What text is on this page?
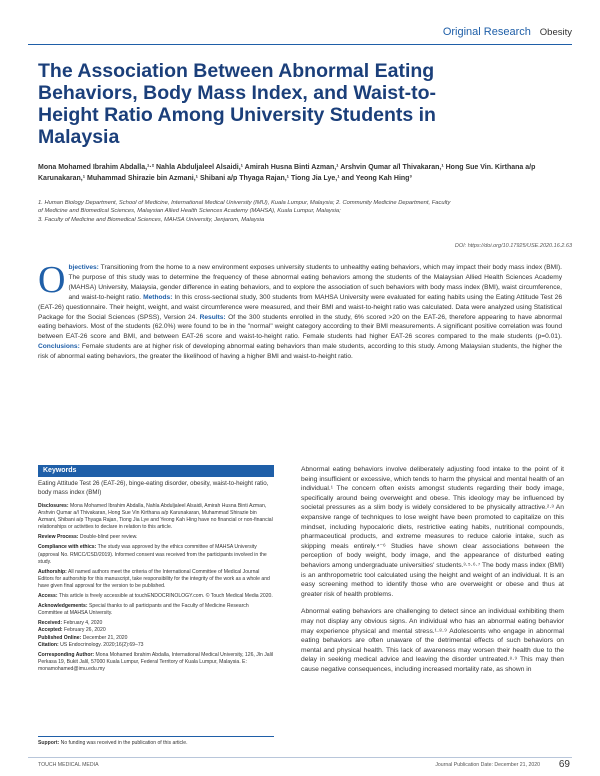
Original Research Obesity
The Association Between Abnormal Eating Behaviors, Body Mass Index, and Waist-to-Height Ratio Among University Students in Malaysia
Mona Mohamed Ibrahim Abdalla,¹·² Nahla Abduljaleel Alsaidi,¹ Amirah Husna Binti Azman,¹ Arshvin Qumar a/l Thivakaran,¹ Hong Sue Vin. Kirthana a/p Karunakaran,¹ Muhammad Shirazie bin Azmani,¹ Shibani a/p Thyaga Rajan,¹ Tiong Jia Lye,¹ and Yeong Kah Hing³
1. Human Biology Department, School of Medicine, International Medical University (IMU), Kuala Lumpur, Malaysia; 2. Community Medicine Department, Faculty
of Medicine and Biomedical Sciences, Malaysian Allied Health Sciences Academy (MAHSA), Kuala Lumpur, Malaysia;
3. Faculty of Medicine and Biomedical Sciences, MAHSA University, Jenjarom, Malaysia
DOI: https://doi.org/10.17925/USE.2020.16.2.63
Objectives: Transitioning from the home to a new environment exposes university students to unhealthy eating behaviors, which may impact their body mass index (BMI). The purpose of this study was to determine the frequency of these abnormal eating behaviors among the students of the Malaysian Allied Health Sciences Academy (MAHSA) University, Malaysia, gender difference in eating behaviors, and to explore the association of such behaviors with body mass index (BMI), waist circumference, and waist-to-height ratio. Methods: In this cross-sectional study, 300 students from MAHSA University were evaluated for eating habits using the Eating Attitude Test 26 (EAT-26) questionnaire. Their height, weight, and waist circumference were measured, and their BMI and waist-to-height ratio was calculated. Data were analyzed using Statistical Package for the Social Sciences (SPSS), Version 24. Results: Of the 300 students enrolled in the study, 6% scored >20 on the EAT-26, therefore appearing to have abnormal eating behaviors. Most of the students (62.0%) were found to be in the "normal" weight category according to their BMI measurements. A significant positive correlation was found between EAT-26 score and BMI, and between EAT-26 score and waist-to-height ratio. Female students had higher EAT-26 scores compared to the male students (p=0.01). Conclusions: Female students are at higher risk of developing abnormal eating behaviors than male students, according to this study. Among Malaysian students, the higher the risk of abnormal eating behaviors, the greater the likelihood of having a higher BMI and waist-to-height ratio.
Keywords
Eating Attitude Test 26 (EAT-26), binge-eating disorder, obesity, waist-to-height ratio, body mass index (BMI)

Disclosures: Mona Mohamed Ibrahim Abdalla, Nahla Abduljaleel Alsaidi, Amirah Husna Binti Azman, Arshvin Qumar a/l Thivakaran, Hong Sue Vin Kirthana a/p Karunakaran, Muhammad Shirazie bin Azmani, Shibani a/p Thyaga Rajan, Tiong Jia Lye and Yeong Kah Hing have no financial or non-financial relationships or activities to declare in relation to this article.

Review Process: Double-blind peer review.

Compliance with ethics: The study was approved by the ethics committee of MAHSA University (approval No. RMCC/CSD/2019). Informed consent was received from the participants involved in the study.

Authorship: All named authors meet the criteria of the International Committee of Medical Journal Editors for authorship for this manuscript, take responsibility for the integrity of the work as a whole and have given final approval for the version to be published.

Access: This article is freely accessible at touchENDOCRINOLOGY.com. © Touch Medical Media 2020.

Acknowledgements: Special thanks to all participants and the Faculty of Medicine Research Committee at MAHSA University.

Received: February 4, 2020

Accepted: February 26, 2020

Published Online: December 21, 2020

Citation: US Endocrinology. 2020;16(2):69–73

Corresponding Author: Mona Mohamed Ibrahim Abdalla, International Medical University, 126, Jln Jalil Perkasa 19, Bukit Jalil, 57000 Kuala Lumpur, Federal Territory of Kuala Lumpur, Malaysia. E: monamohamed@imu.edu.my

Support: No funding was received in the publication of this article.

Abnormal eating behaviors involve deliberately adjusting food intake to the point of it being insufficient or excessive, which tends to harm the physical and mental health of an individual.¹ The concern often exists amongst students regarding their body image, specifically around being overweight and obese. This ideology may be influenced by societal pressures as a slim body is widely considered to be physically attractive.²·³ An expansive range of techniques to lose weight have been promoted to capitalize on this mindset, including hypocaloric diets, restrictive eating habits, nutritional compounds, pharmaceutical products, and extreme measures to reduce calorie intake, such as skipping meals entirely.⁴⁻⁶ Studies have shown clear associations between the perception of body weight, body image, and the appearance of disturbed eating behaviors among undergraduate universities' students.³·⁵·⁶·⁷ The body mass index (BMI) is an anthropometric tool calculated using the height and weight of an individual. It is an easy screening method to identify those who are overweight or obese and thus at greater risk of health problems.

Abnormal eating behaviors are challenging to detect since an individual exhibiting them may not display any obvious signs. An individual who has an abnormal eating behavior may experience physical and mental stress.¹·⁸·⁹ Adolescents who engage in abnormal eating behaviors are often unaware of the detrimental effects of such behaviors on mental and physical health. This lack of awareness may worsen their health due to the delay in seeking medical advice and leaving the disorder untreated.⁸·⁹ This may then cause negative consequences, including increased mortality rate, as shown in

TOUCH MEDICAL MEDIA	Journal Publication Date: December 21, 2020 69
